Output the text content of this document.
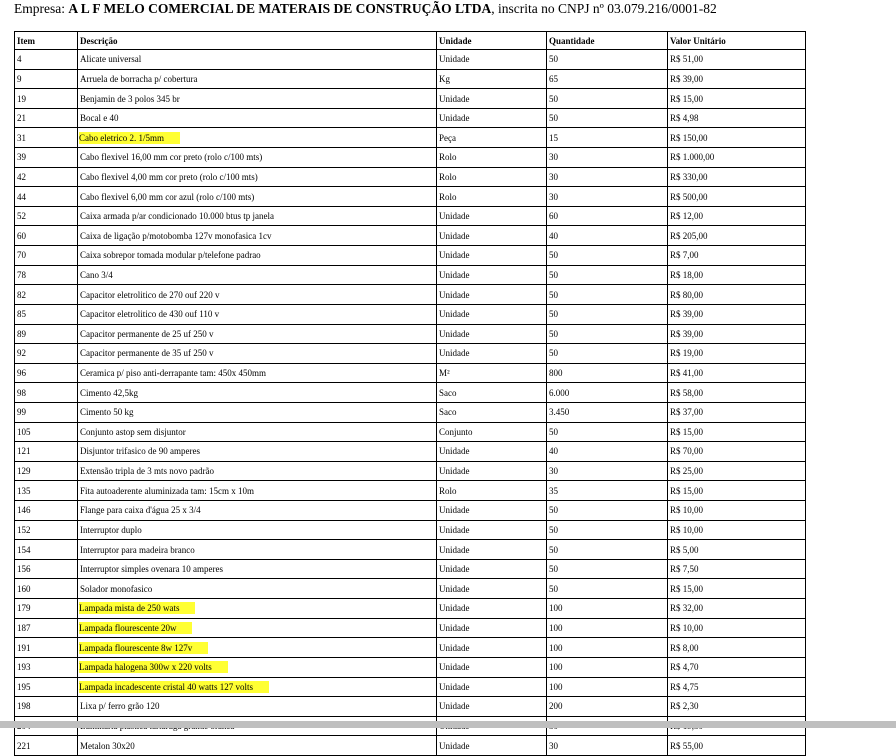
Empresa: A L F MELO COMERCIAL DE MATERAIS DE CONSTRUÇÃO LTDA, inscrita no CNPJ nº 03.079.216/0001-82
Item	Descrição	Unidade	Quantidade	Valor Unitário
4	Alicate universal	Unidade	50	R$ 51,00
9	Arruela de borracha p/ cobertura	Kg	65	R$ 39,00
19	Benjamin de 3 polos 345 br	Unidade	50	R$ 15,00
21	Bocal e 40	Unidade	50	R$ 4,98
31	Cabo eletrico 2. 1/5mm	Peça	15	R$ 150,00
39	Cabo flexivel 16,00 mm cor preto (rolo c/100 mts)	Rolo	30	R$ 1.000,00
42	Cabo flexivel 4,00 mm cor preto (rolo c/100 mts)	Rolo	30	R$ 330,00
44	Cabo flexivel 6,00 mm cor azul (rolo c/100 mts)	Rolo	30	R$ 500,00
52	Caixa armada p/ar condicionado 10.000 btus tp janela	Unidade	60	R$ 12,00
60	Caixa de ligação p/motobomba 127v monofasica 1cv	Unidade	40	R$ 205,00
70	Caixa sobrepor tomada modular p/telefone padrao	Unidade	50	R$ 7,00
78	Cano 3/4	Unidade	50	R$ 18,00
82	Capacitor eletrolitico de 270 ouf 220 v	Unidade	50	R$ 80,00
85	Capacitor eletrolitico de 430 ouf 110 v	Unidade	50	R$ 39,00
89	Capacitor permanente de 25 uf 250 v	Unidade	50	R$ 39,00
92	Capacitor permanente de 35 uf 250 v	Unidade	50	R$ 19,00
96	Ceramica p/ piso anti-derrapante tam: 450x 450mm	M²	800	R$ 41,00
98	Cimento 42,5kg	Saco	6.000	R$ 58,00
99	Cimento 50 kg	Saco	3.450	R$ 37,00
105	Conjunto astop sem disjuntor	Conjunto	50	R$ 15,00
121	Disjuntor trifasico de 90 amperes	Unidade	40	R$ 70,00
129	Extensão tripla de 3 mts novo padrão	Unidade	30	R$ 25,00
135	Fita autoaderente aluminizada tam: 15cm x 10m	Rolo	35	R$ 15,00
146	Flange para caixa d'água 25 x 3/4	Unidade	50	R$ 10,00
152	Interruptor duplo	Unidade	50	R$ 10,00
154	Interruptor para madeira branco	Unidade	50	R$ 5,00
156	Interruptor simples ovenara 10 amperes	Unidade	50	R$ 7,50
160	Solador monofasico	Unidade	50	R$ 15,00
179	Lampada mista de 250 wats	Unidade	100	R$ 32,00
187	Lampada flourescente 20w	Unidade	100	R$ 10,00
191	Lampada flourescente 8w 127v	Unidade	100	R$ 8,00
193	Lampada halogena 300w x 220 volts	Unidade	100	R$ 4,70
195	Lampada incadescente cristal 40 watts 127 volts	Unidade	100	R$ 4,75
198	Lixa p/ ferro grão 120	Unidade	200	R$ 2,30

221	Metalon 30x20	Unidade	30	R$ 55,00
